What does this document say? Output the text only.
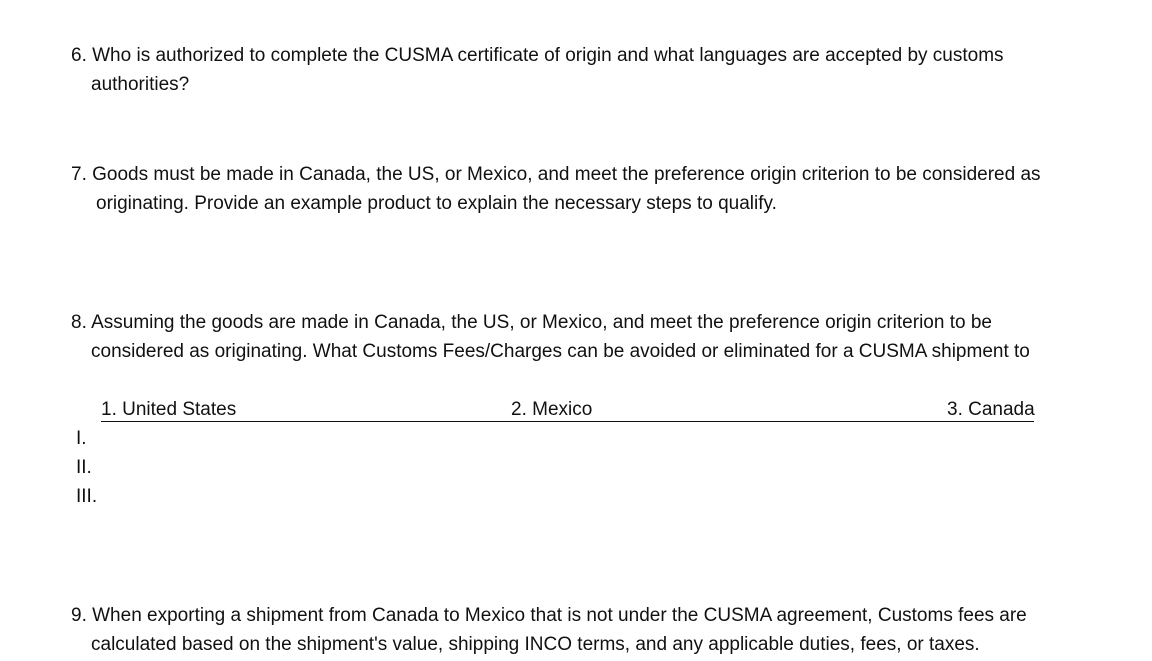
6. Who is authorized to complete the CUSMA certificate of origin and what languages are accepted by customs
authorities?
7. Goods must be made in Canada, the US, or Mexico, and meet the preference origin criterion to be considered as
originating. Provide an example product to explain the necessary steps to qualify.
8. Assuming the goods are made in Canada, the US, or Mexico, and meet the preference origin criterion to be
considered as originating. What Customs Fees/Charges can be avoided or eliminated for a CUSMA shipment to
1. United States	2. Mexico	3. Canada
I.
II.
III.
9. When exporting a shipment from Canada to Mexico that is not under the CUSMA agreement, Customs fees are
calculated based on the shipment's value, shipping INCO terms, and any applicable duties, fees, or taxes.
